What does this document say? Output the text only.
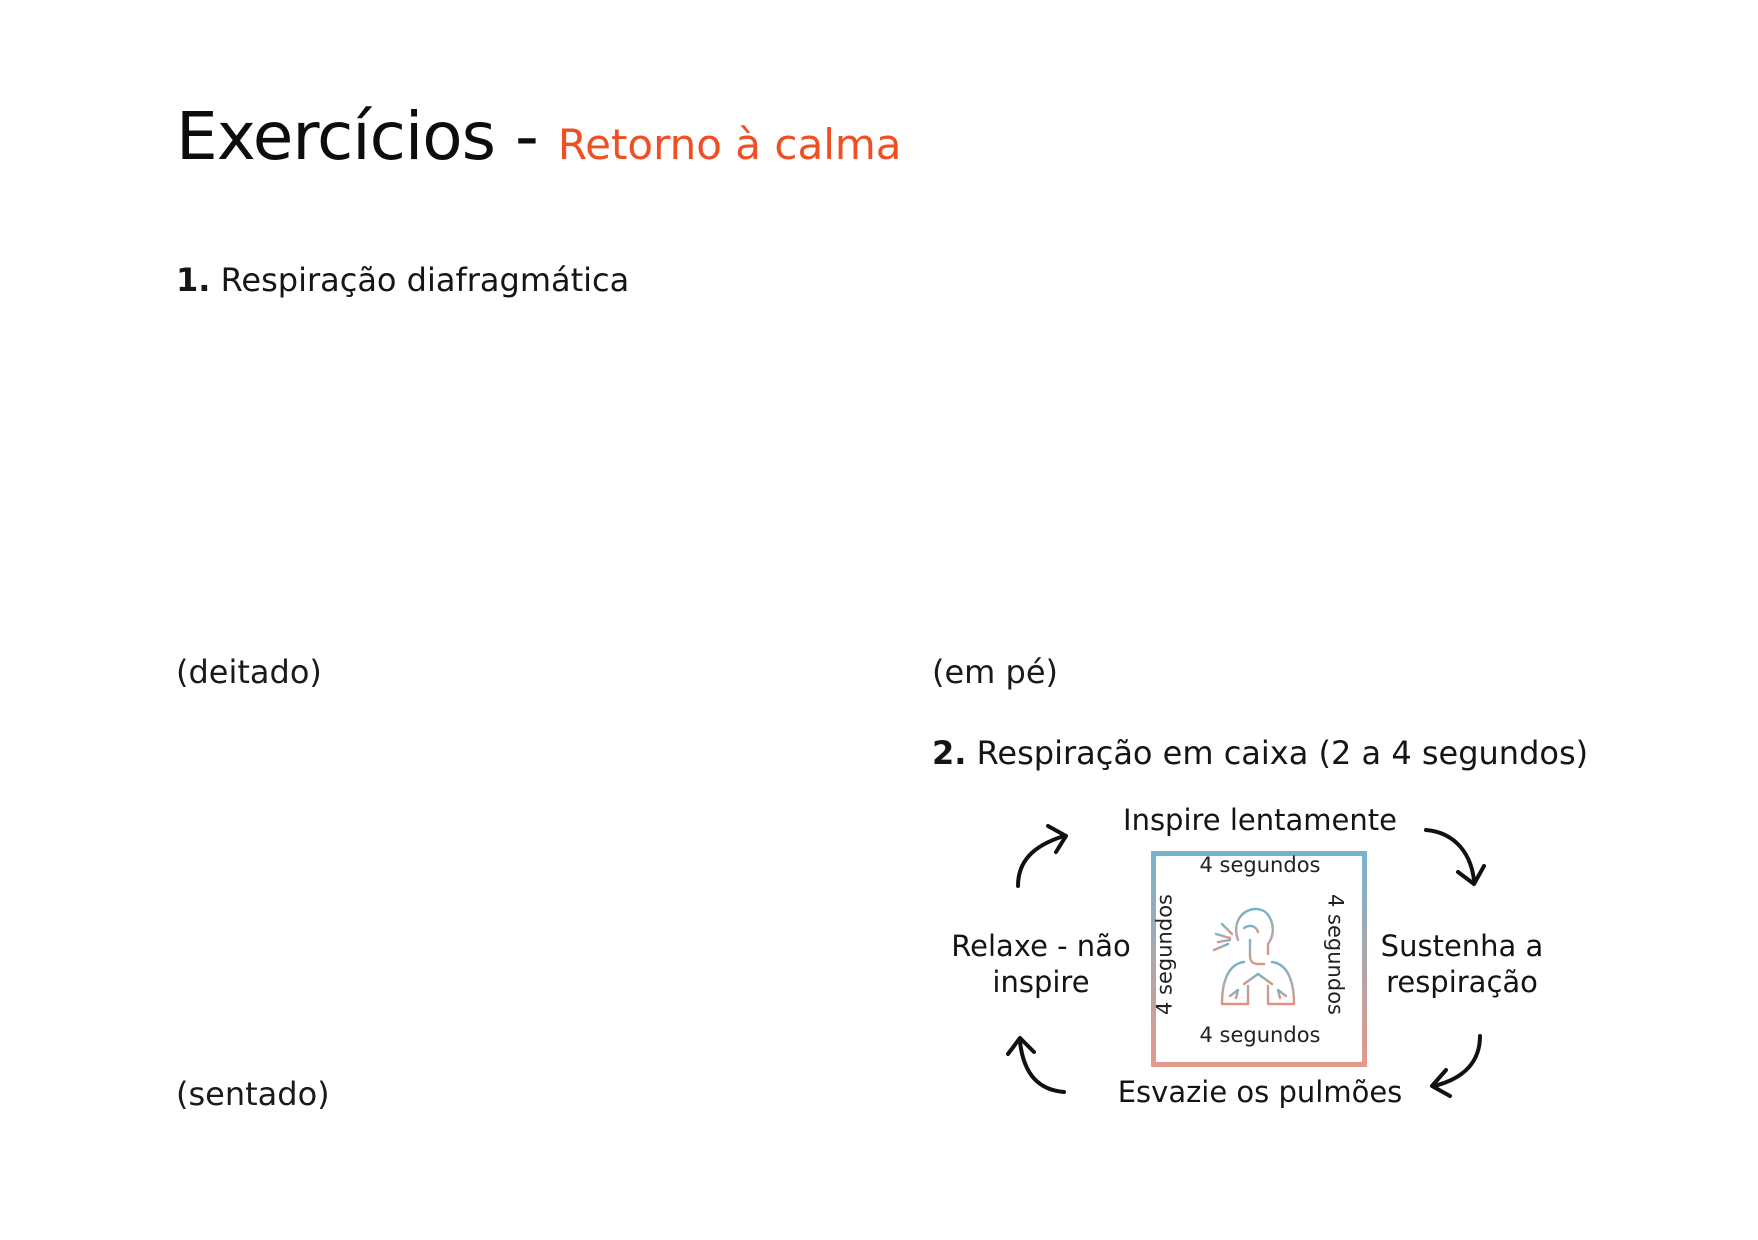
Exercícios - Retorno à calma
1. Respiração diafragmática
(deitado)	(em pé)
(sentado)
2. Respiração em caixa (2 a 4 segundos)
Inspire lentamente
Esvazie os pulmões
Sustenha a respiração
Relaxe - não inspire
4 segundos
4 segundos
4 segundos	4 segundos
